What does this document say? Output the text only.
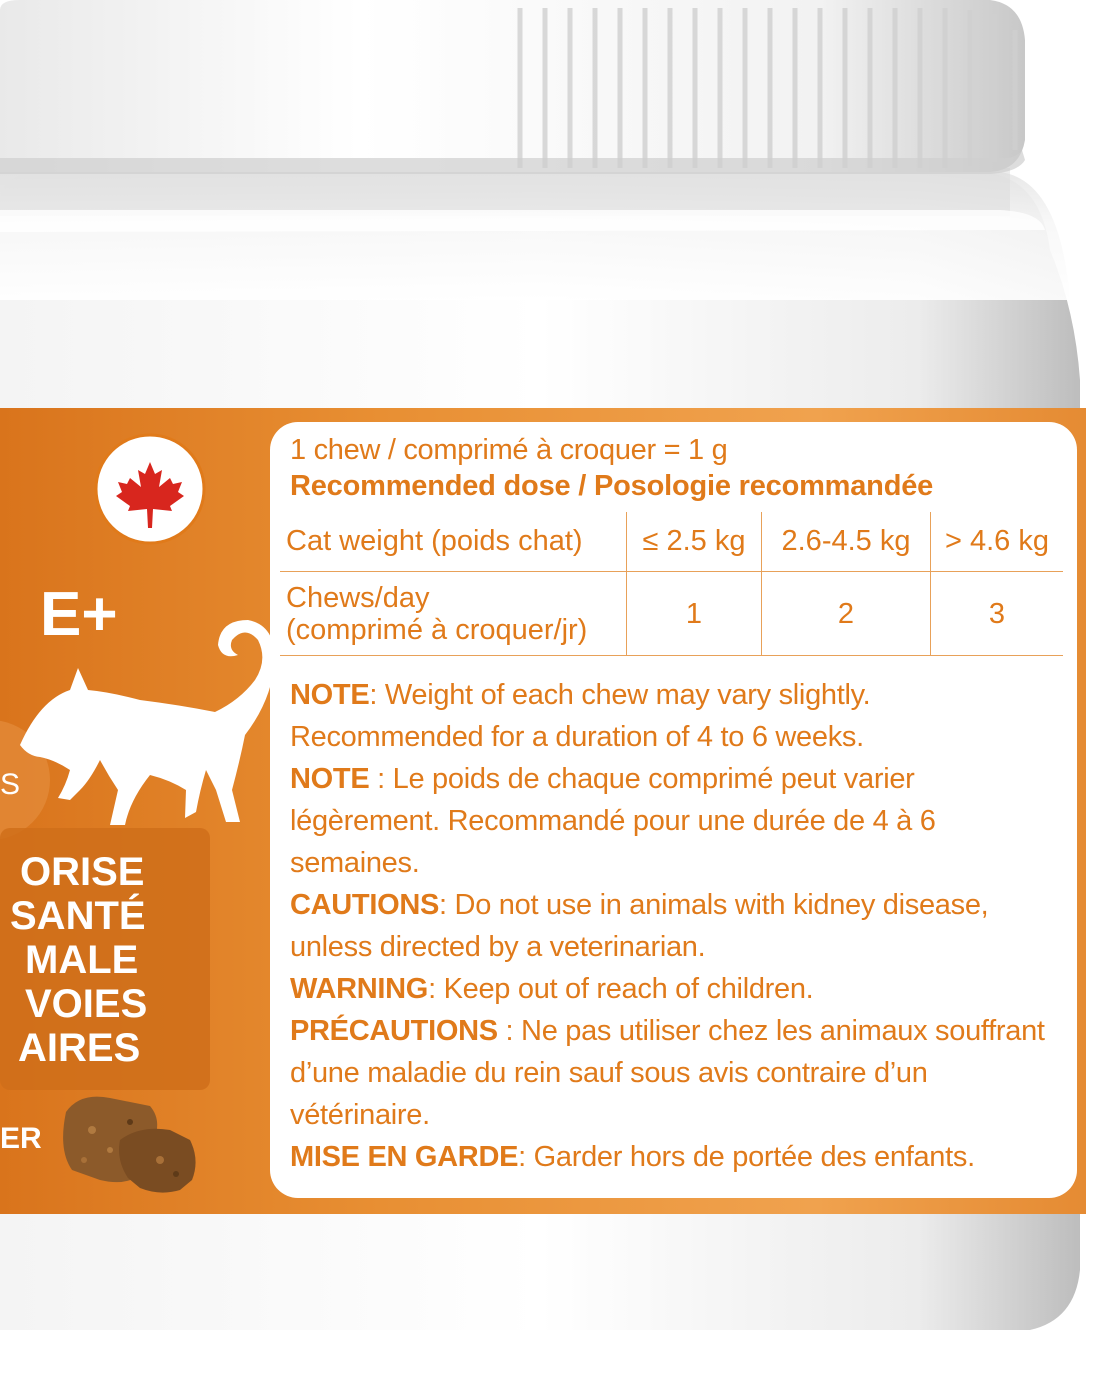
E+
S
ORISE
SANTÉ
MALE
VOIES
AIRES
ER
1 chew / comprimé à croquer = 1 g
Recommended dose / Posologie recommandée
Cat weight (poids chat)	≤ 2.5 kg	2.6-4.5 kg	> 4.6 kg

Chews/day
(comprimé à croquer/jr)	1	2	3

NOTE: Weight of each chew may vary slightly. Recommended for a duration of 4 to 6 weeks.

NOTE : Le poids de chaque comprimé peut varier légèrement. Recommandé pour une durée de 4 à 6 semaines.

CAUTIONS: Do not use in animals with kidney disease, unless directed by a veterinarian.

WARNING: Keep out of reach of children.

PRÉCAUTIONS : Ne pas utiliser chez les animaux souffrant d’une maladie du rein sauf sous avis contraire d’un vétérinaire.

MISE EN GARDE: Garder hors de portée des enfants.
